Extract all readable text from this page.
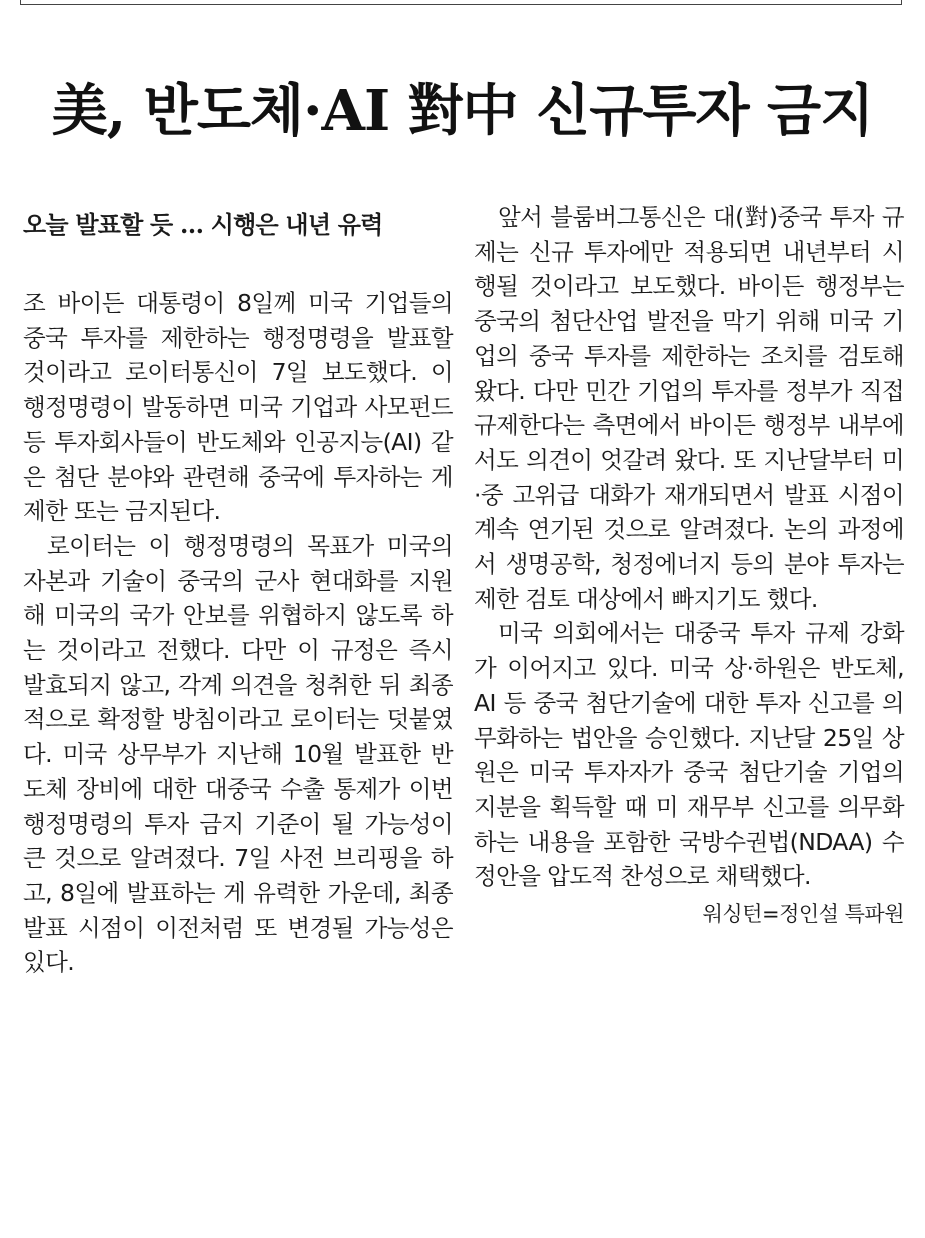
美, 반도체·AI 對中 신규투자 금지
오늘 발표할 듯 … 시행은 내년 유력

조 바이든 대통령이 8일께 미국 기업들의 중국 투자를 제한하는 행정명령을 발표할 것이라고 로이터통신이 7일 보도했다. 이 행정명령이 발동하면 미국 기업과 사모펀드 등 투자회사들이 반도체와 인공지능(AI) 같은 첨단 분야와 관련해 중국에 투자하는 게 제한 또는 금지된다.

로이터는 이 행정명령의 목표가 미국의 자본과 기술이 중국의 군사 현대화를 지원해 미국의 국가 안보를 위협하지 않도록 하는 것이라고 전했다. 다만 이 규정은 즉시 발효되지 않고, 각계 의견을 청취한 뒤 최종적으로 확정할 방침이라고 로이터는 덧붙였다. 미국 상무부가 지난해 10월 발표한 반도체 장비에 대한 대중국 수출 통제가 이번 행정명령의 투자 금지 기준이 될 가능성이 큰 것으로 알려졌다. 7일 사전 브리핑을 하고, 8일에 발표하는 게 유력한 가운데, 최종 발표 시점이 이전처럼 또 변경될 가능성은 있다.

앞서 블룸버그통신은 대(對)중국 투자 규제는 신규 투자에만 적용되면 내년부터 시행될 것이라고 보도했다. 바이든 행정부는 중국의 첨단산업 발전을 막기 위해 미국 기업의 중국 투자를 제한하는 조치를 검토해왔다. 다만 민간 기업의 투자를 정부가 직접 규제한다는 측면에서 바이든 행정부 내부에서도 의견이 엇갈려 왔다. 또 지난달부터 미·중 고위급 대화가 재개되면서 발표 시점이 계속 연기된 것으로 알려졌다. 논의 과정에서 생명공학, 청정에너지 등의 분야 투자는 제한 검토 대상에서 빠지기도 했다.

미국 의회에서는 대중국 투자 규제 강화가 이어지고 있다. 미국 상·하원은 반도체, AI 등 중국 첨단기술에 대한 투자 신고를 의무화하는 법안을 승인했다. 지난달 25일 상원은 미국 투자자가 중국 첨단기술 기업의 지분을 획득할 때 미 재무부 신고를 의무화하는 내용을 포함한 국방수권법(NDAA) 수정안을 압도적 찬성으로 채택했다.

워싱턴=정인설 특파원
